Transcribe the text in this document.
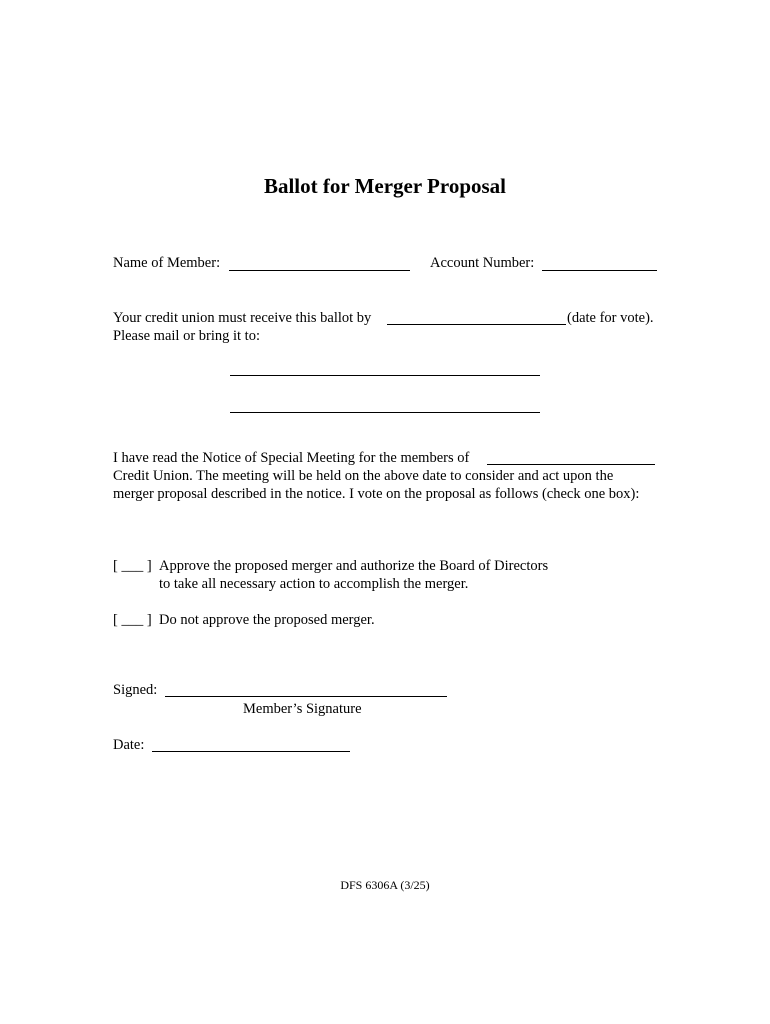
Ballot for Merger Proposal
Name of Member:	Account Number:
Your credit union must receive this ballot by	(date for vote).
Please mail or bring it to:
I have read the Notice of Special Meeting for the members of
Credit Union. The meeting will be held on the above date to consider and act upon the merger proposal described in the notice. I vote on the proposal as follows (check one box):
[ ___ ] Approve the proposed merger and authorize the Board of Directors
to take all necessary action to accomplish the merger.
[ ___ ] Do not approve the proposed merger.
Signed:
Member’s Signature
Date:
DFS 6306A (3/25)
